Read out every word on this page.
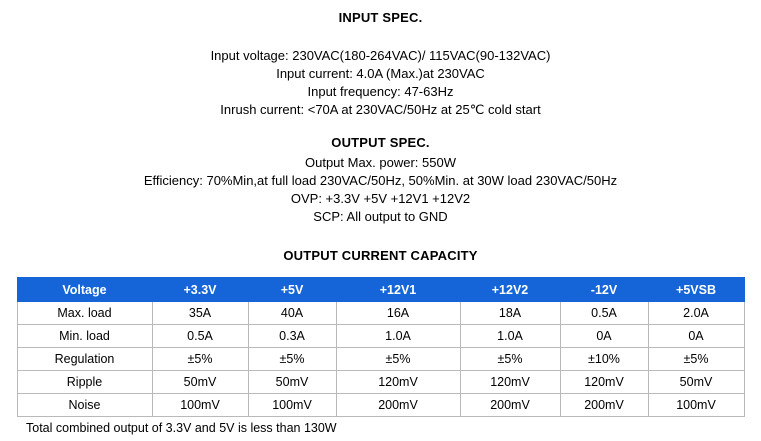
INPUT SPEC.
Input voltage: 230VAC(180-264VAC)/ 115VAC(90-132VAC)
Input current: 4.0A (Max.)at 230VAC
Input frequency: 47-63Hz
Inrush current: <70A at 230VAC/50Hz at 25℃ cold start
OUTPUT SPEC.
Output Max. power: 550W
Efficiency: 70%Min,at full load 230VAC/50Hz, 50%Min. at 30W load 230VAC/50Hz
OVP: +3.3V +5V +12V1 +12V2
SCP: All output to GND
OUTPUT CURRENT CAPACITY
Voltage	+3.3V	+5V	+12V1	+12V2	-12V	+5VSB
Max. load	35A	40A	16A	18A	0.5A	2.0A
Min. load	0.5A	0.3A	1.0A	1.0A	0A	0A
Regulation	±5%	±5%	±5%	±5%	±10%	±5%
Ripple	50mV	50mV	120mV	120mV	120mV	50mV
Noise	100mV	100mV	200mV	200mV	200mV	100mV
Total combined output of 3.3V and 5V is less than 130W
